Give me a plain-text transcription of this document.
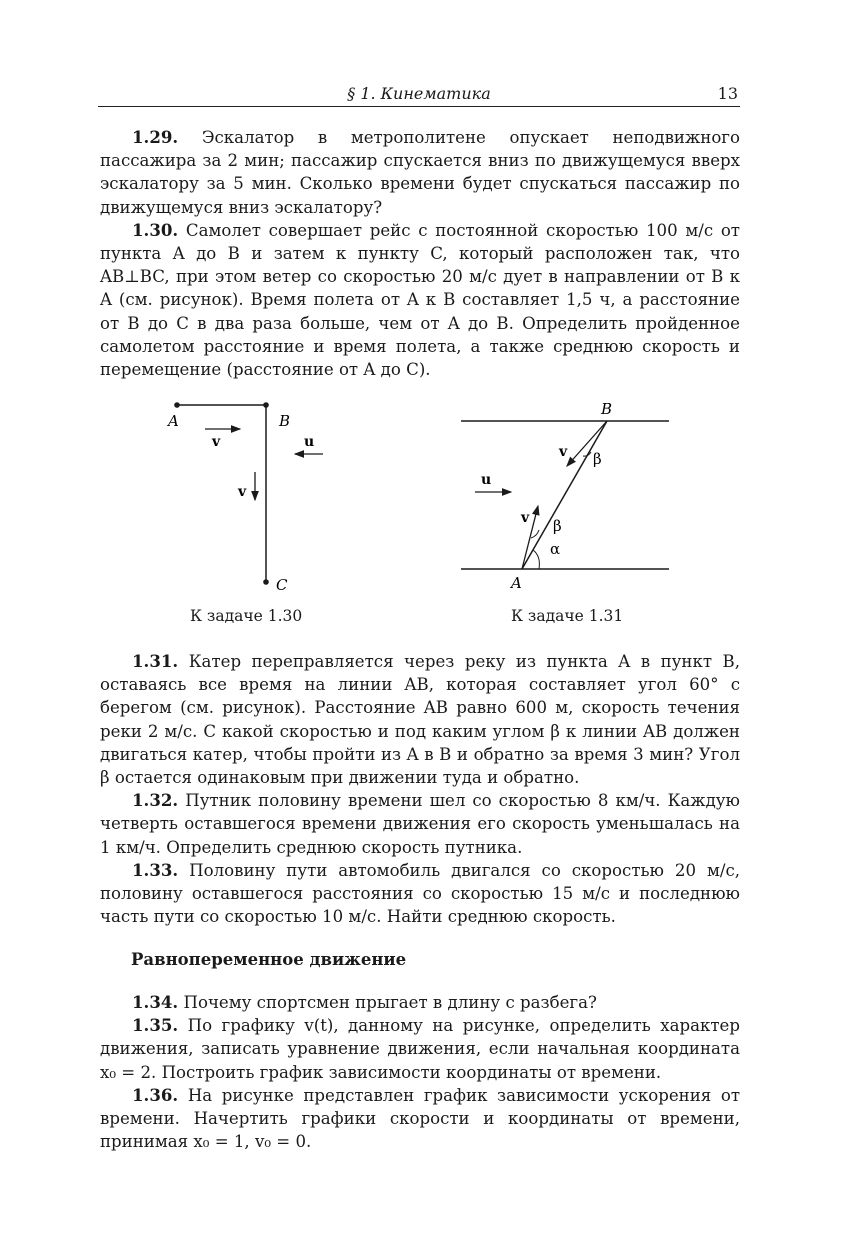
§ 1. Кинематика	13

1.29. Эскалатор в метрополитене опускает неподвижного пассажира за 2 мин; пассажир спускается вниз по движущемуся вверх эскалатору за 5 мин. Сколько времени будет спускаться пассажир по движущемуся вниз эскалатору?

1.30. Самолет совершает рейс с постоянной скоростью 100 м/с от пункта A до B и затем к пункту C, который расположен так, что AB⊥BC, при этом ветер со скоростью 20 м/с дует в направлении от B к A (см. рисунок). Время полета от A к B составляет 1,5 ч, а расстояние от B до C в два раза больше, чем от A до B. Определить пройденное самолетом расстояние и время полета, а также среднюю скорость и перемещение (расстояние от A до C).

A	B
C
v	u
v
К задаче 1.30
B
A
u
v β
v β
α
К задаче 1.31

1.31. Катер переправляется через реку из пункта A в пункт B, оставаясь все время на линии AB, которая составляет угол 60° с берегом (см. рисунок). Расстояние AB равно 600 м, скорость течения реки 2 м/с. С какой скоростью и под каким углом β к линии AB должен двигаться катер, чтобы пройти из A в B и обратно за время 3 мин? Угол β остается одинаковым при движении туда и обратно.

1.32. Путник половину времени шел со скоростью 8 км/ч. Каждую четверть оставшегося времени движения его скорость уменьшалась на 1 км/ч. Определить среднюю скорость путника.

1.33. Половину пути автомобиль двигался со скоростью 20 м/с, половину оставшегося расстояния со скоростью 15 м/с и последнюю часть пути со скоростью 10 м/с. Найти среднюю скорость.

Равнопеременное движение

1.34. Почему спортсмен прыгает в длину с разбега?

1.35. По графику v(t), данному на рисунке, определить характер движения, записать уравнение движения, если начальная координата x₀ = 2. Построить график зависимости координаты от времени.

1.36. На рисунке представлен график зависимости ускорения от времени. Начертить графики скорости и координаты от времени, принимая x₀ = 1, v₀ = 0.
